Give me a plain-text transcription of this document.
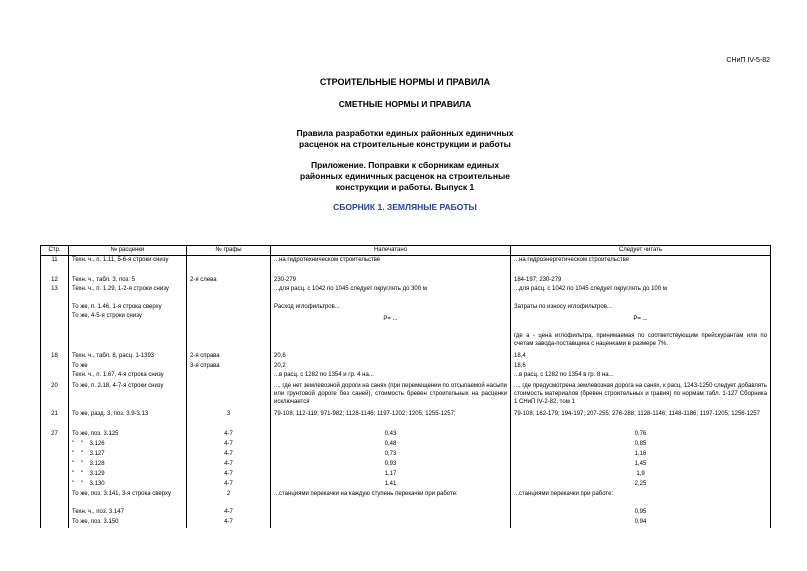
СНиП IV-5-82
СТРОИТЕЛЬНЫЕ НОРМЫ И ПРАВИЛА
СМЕТНЫЕ НОРМЫ И ПРАВИЛА
Правила разработки единых районных единичных
расценок на строительные конструкции и работы
Приложение. Поправки к сборникам единых
районных единичных расценок на строительные
конструкции и работы. Выпуск 1
СБОРНИК 1. ЗЕМЛЯНЫЕ РАБОТЫ
Стр.	№ расценки	№ графы	Напечатано	Следует читать
11	Техн. ч., п. 1.11, 5-6-я строки снизу		...на гидротехническом строительстве	...на гидроэнергетическом строительстве
12	Техн. ч., табл. 3, поз. 5	2-я слева	230-279	184-197; 230-279
13	Техн. ч., п. 1.29, 1-2-я строки снизу		...для расц. с 1042 по 1045 следует округлять до 300 м	...для расц. с 1042 по 1045 следует округлять до 100 м
	То же, п. 1.46, 1-я строка сверху		Расход иглофильтров...	Затраты по износу иглофильтров...
	То же, 4-5-я строки снизу		Р= ...	Р= ...
				где а - цена иглофильтра, принимаемая по соответствующим прейскурантам или по счетам завода-поставщика с наценками в размере 7%.
18	Техн. ч., табл. 8, расц. 1-1393	2-я справа	20,6	18,4
	То же	3-я справа	20,2	18,6
	Техн. ч., п. 1.67, 4-я строка снизу		...в расц. с 1282 по 1354 и гр. 4 на...	...в расц. с 1282 по 1354 в гр. 8 на...
20	То же, п. 2.18, 4-7-я строки снизу		..., где нет землевозной дороги на санях (при перемещении по отсыпаемой насыпи или грунтовой дороге без саней), стоимость бревен строительных на расценки исключается	..., где предусмотрена землевозная дорога на санях, к расц. 1243-1250 следует добавлять стоимость материалов (бревен строительных и гравия) по нормам табл. 1-127 Сборника 1 СНиП IV-2-82, том 1
21	То же, разд. 3, поз. 3.9-3.13	3	79-108; 112-119; 971-982; 1128-1146; 1197-1202; 1205; 1255-1257;	79-108; 162-179; 194-197; 207-255; 276-288; 1128-1146; 1148-1186; 1197-1205; 1256-1257
27	То же, поз. 3.125	4-7	0,43	0,76
	"    "    3.126	4-7	0,48	0,85
	"    "    3.127	4-7	0,73	1,16
	"    "    3.128	4-7	0,93	1,45
	"    "    3.129	4-7	1,17	1,9
	"    "    3.130	4-7	1,41	2,25
	То же, поз. 3.141, 3-я строка сверху	2	...станциями перекачки на каждую ступень перекачки при работе:	...станциями перекачки при работе:
	Техн. ч., поз. 3.147	4-7		0,95
	То же, поз. 3.150	4-7		0,94
